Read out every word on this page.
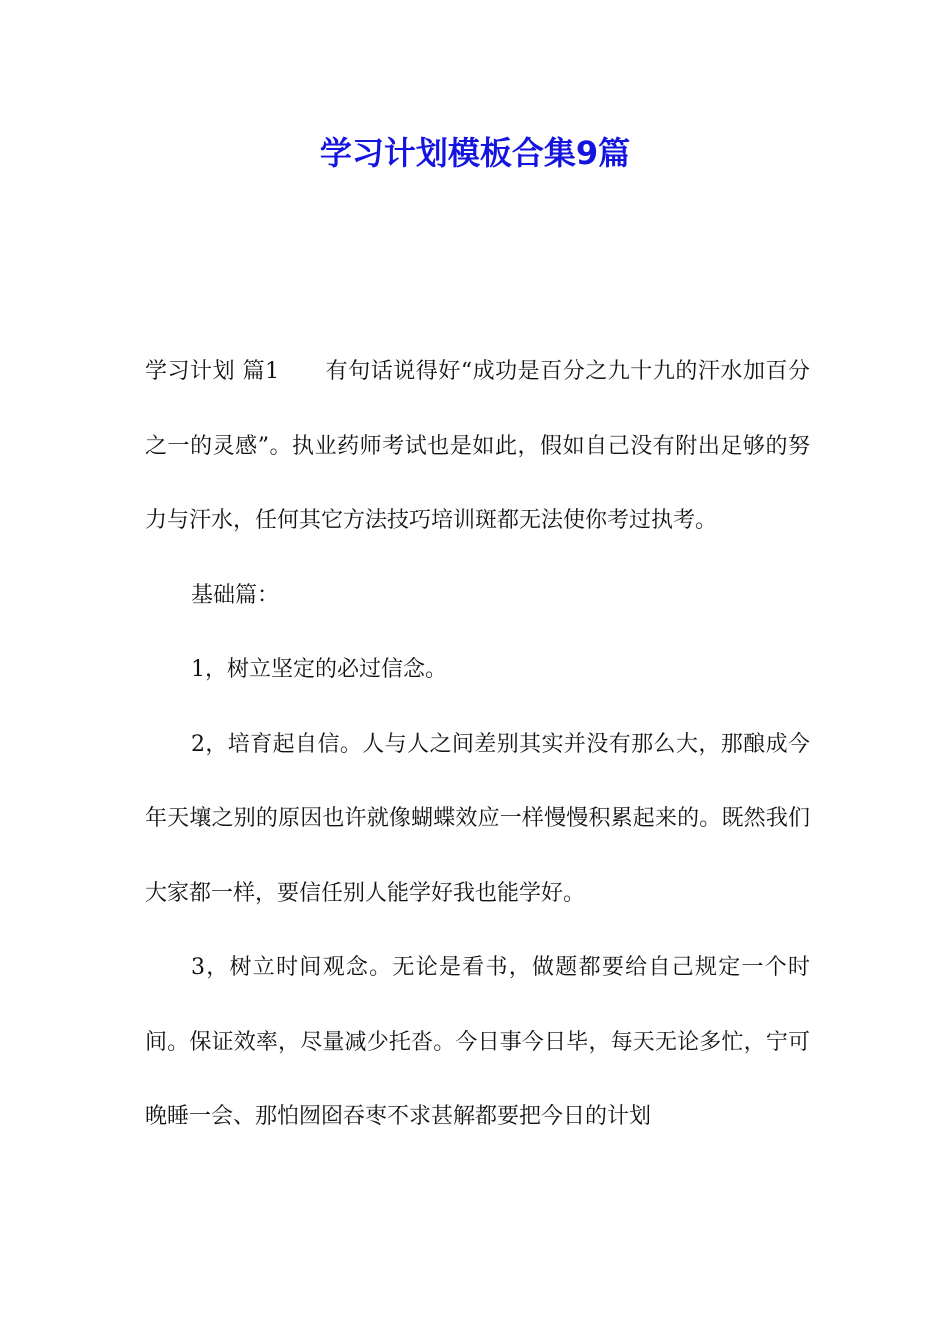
学习计划模板合集9篇

学习计划 篇1 有句话说得好“成功是百分之九十九的汗水加百分之一的灵感”。执业药师考试也是如此，假如自己没有附出足够的努力与汗水，任何其它方法技巧培训斑都无法使你考过执考。

基础篇：

1，树立坚定的必过信念。

2，培育起自信。人与人之间差别其实并没有那么大，那酿成今年天壤之别的原因也许就像蝴蝶效应一样慢慢积累起来的。既然我们大家都一样，要信任别人能学好我也能学好。

3，树立时间观念。无论是看书，做题都要给自己规定一个时间。保证效率，尽量减少托沓。今日事今日毕，每天无论多忙，宁可晚睡一会、那怕囫囵吞枣不求甚解都要把今日的计划
